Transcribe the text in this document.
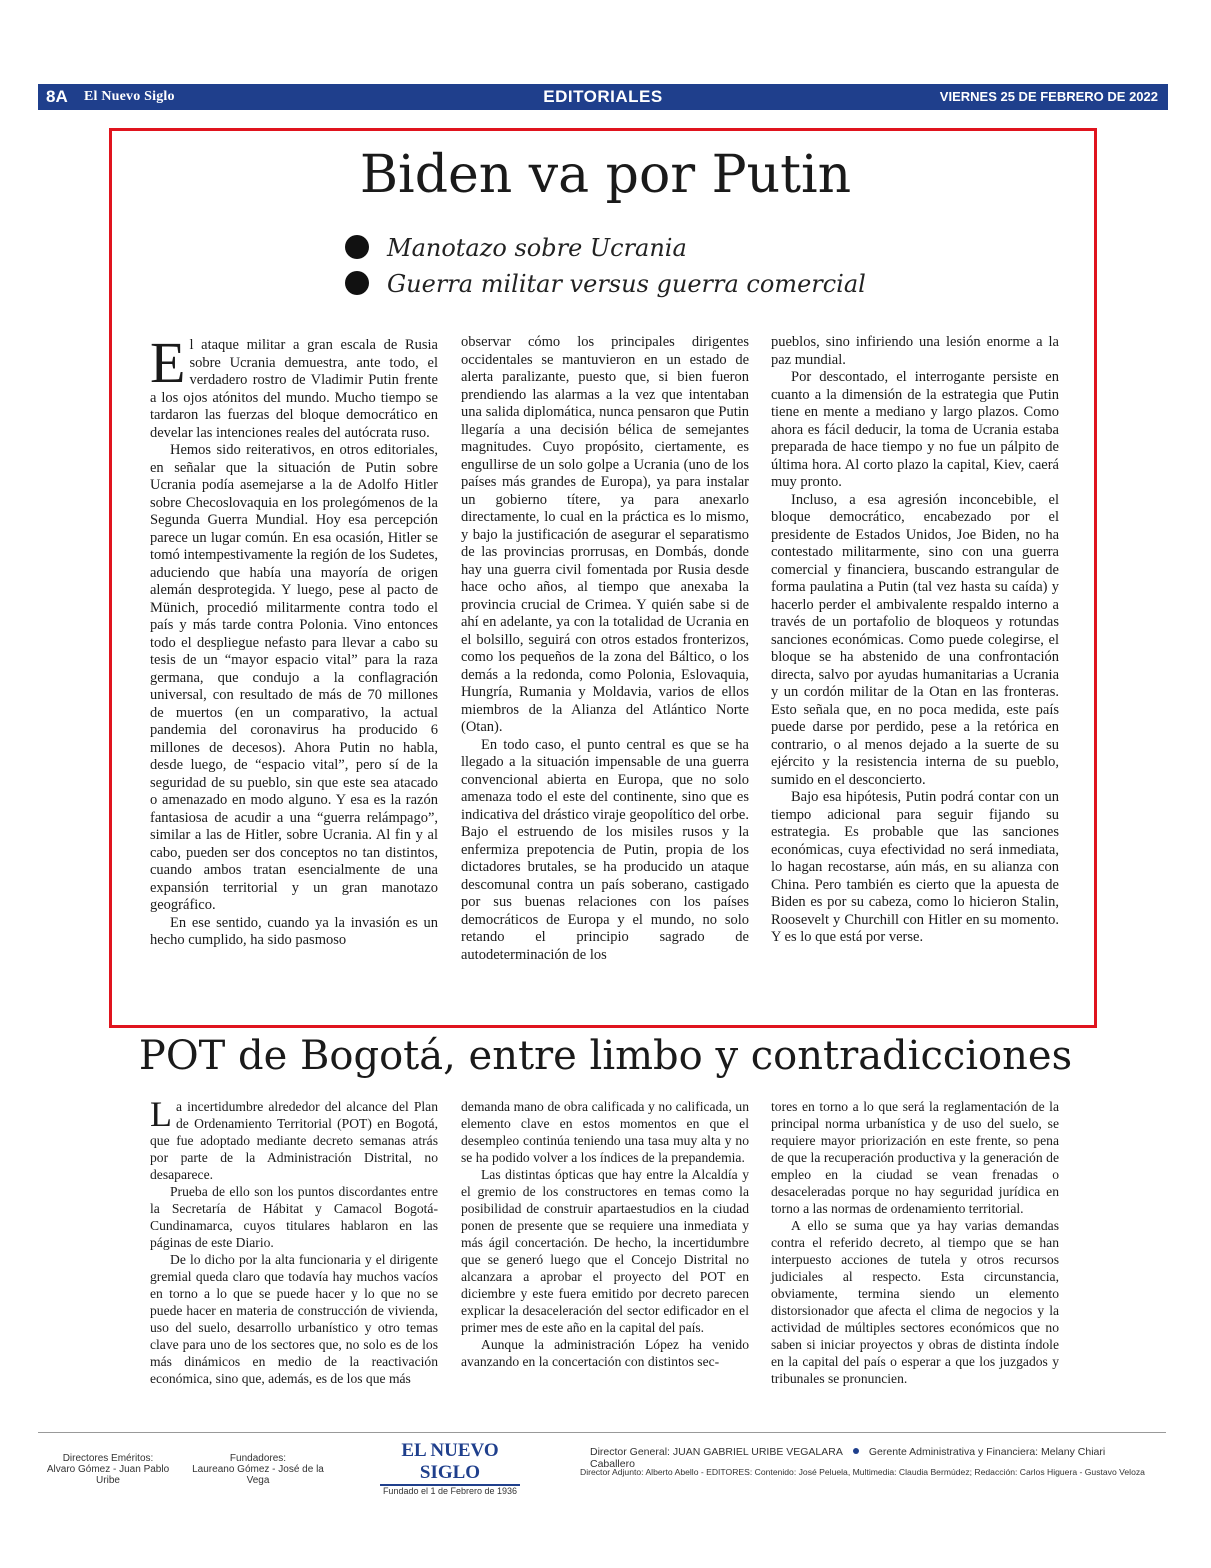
8A El Nuevo Siglo	EDITORIALES	VIERNES 25 DE FEBRERO DE 2022
Biden va por Putin
Manotazo sobre Ucrania
Guerra militar versus guerra comercial

El ataque militar a gran escala de Rusia sobre Ucrania demuestra, ante todo, el verdadero rostro de Vladimir Putin frente a los ojos atónitos del mundo. Mucho tiempo se tardaron las fuerzas del bloque democrático en develar las intenciones reales del autócrata ruso.

Hemos sido reiterativos, en otros editoriales, en señalar que la situación de Putin sobre Ucrania podía asemejarse a la de Adolfo Hitler sobre Checoslovaquia en los prolegómenos de la Segunda Guerra Mundial. Hoy esa percepción parece un lugar común. En esa ocasión, Hitler se tomó intempestivamente la región de los Sudetes, aduciendo que había una mayoría de origen alemán desprotegida. Y luego, pese al pacto de Münich, procedió militarmente contra todo el país y más tarde contra Polonia. Vino entonces todo el despliegue nefasto para llevar a cabo su tesis de un “mayor espacio vital” para la raza germana, que condujo a la conflagración universal, con resultado de más de 70 millones de muertos (en un comparativo, la actual pandemia del coronavirus ha producido 6 millones de decesos). Ahora Putin no habla, desde luego, de “espacio vital”, pero sí de la seguridad de su pueblo, sin que este sea atacado o amenazado en modo alguno. Y esa es la razón fantasiosa de acudir a una “guerra relámpago”, similar a las de Hitler, sobre Ucrania. Al fin y al cabo, pueden ser dos conceptos no tan distintos, cuando ambos tratan esencialmente de una expansión territorial y un gran manotazo geográfico.

En ese sentido, cuando ya la invasión es un hecho cumplido, ha sido pasmoso

observar cómo los principales dirigentes occidentales se mantuvieron en un estado de alerta paralizante, puesto que, si bien fueron prendiendo las alarmas a la vez que intentaban una salida diplomática, nunca pensaron que Putin llegaría a una decisión bélica de semejantes magnitudes. Cuyo propósito, ciertamente, es engullirse de un solo golpe a Ucrania (uno de los países más grandes de Europa), ya para instalar un gobierno títere, ya para anexarlo directamente, lo cual en la práctica es lo mismo, y bajo la justificación de asegurar el separatismo de las provincias prorrusas, en Dombás, donde hay una guerra civil fomentada por Rusia desde hace ocho años, al tiempo que anexaba la provincia crucial de Crimea. Y quién sabe si de ahí en adelante, ya con la totalidad de Ucrania en el bolsillo, seguirá con otros estados fronterizos, como los pequeños de la zona del Báltico, o los demás a la redonda, como Polonia, Eslovaquia, Hungría, Rumania y Moldavia, varios de ellos miembros de la Alianza del Atlántico Norte (Otan).

En todo caso, el punto central es que se ha llegado a la situación impensable de una guerra convencional abierta en Europa, que no solo amenaza todo el este del continente, sino que es indicativa del drástico viraje geopolítico del orbe. Bajo el estruendo de los misiles rusos y la enfermiza prepotencia de Putin, propia de los dictadores brutales, se ha producido un ataque descomunal contra un país soberano, castigado por sus buenas relaciones con los países democráticos de Europa y el mundo, no solo retando el principio sagrado de autodeterminación de los

pueblos, sino infiriendo una lesión enorme a la paz mundial.

Por descontado, el interrogante persiste en cuanto a la dimensión de la estrategia que Putin tiene en mente a mediano y largo plazos. Como ahora es fácil deducir, la toma de Ucrania estaba preparada de hace tiempo y no fue un pálpito de última hora. Al corto plazo la capital, Kiev, caerá muy pronto.

Incluso, a esa agresión inconcebible, el bloque democrático, encabezado por el presidente de Estados Unidos, Joe Biden, no ha contestado militarmente, sino con una guerra comercial y financiera, buscando estrangular de forma paulatina a Putin (tal vez hasta su caída) y hacerlo perder el ambivalente respaldo interno a través de un portafolio de bloqueos y rotundas sanciones económicas. Como puede colegirse, el bloque se ha abstenido de una confrontación directa, salvo por ayudas humanitarias a Ucrania y un cordón militar de la Otan en las fronteras. Esto señala que, en no poca medida, este país puede darse por perdido, pese a la retórica en contrario, o al menos dejado a la suerte de su ejército y la resistencia interna de su pueblo, sumido en el desconcierto.

Bajo esa hipótesis, Putin podrá contar con un tiempo adicional para seguir fijando su estrategia. Es probable que las sanciones económicas, cuya efectividad no será inmediata, lo hagan recostarse, aún más, en su alianza con China. Pero también es cierto que la apuesta de Biden es por su cabeza, como lo hicieron Stalin, Roosevelt y Churchill con Hitler en su momento. Y es lo que está por verse.

POT de Bogotá, entre limbo y contradicciones

La incertidumbre alrededor del alcance del Plan de Ordenamiento Territorial (POT) en Bogotá, que fue adoptado mediante decreto semanas atrás por parte de la Administración Distrital, no desaparece.

Prueba de ello son los puntos discordantes entre la Secretaría de Hábitat y Camacol Bogotá-Cundinamarca, cuyos titulares hablaron en las páginas de este Diario.

De lo dicho por la alta funcionaria y el dirigente gremial queda claro que todavía hay muchos vacíos en torno a lo que se puede hacer y lo que no se puede hacer en materia de construcción de vivienda, uso del suelo, desarrollo urbanístico y otro temas clave para uno de los sectores que, no solo es de los más dinámicos en medio de la reactivación económica, sino que, además, es de los que más

demanda mano de obra calificada y no calificada, un elemento clave en estos momentos en que el desempleo continúa teniendo una tasa muy alta y no se ha podido volver a los índices de la prepandemia.

Las distintas ópticas que hay entre la Alcaldía y el gremio de los constructores en temas como la posibilidad de construir apartaestudios en la ciudad ponen de presente que se requiere una inmediata y más ágil concertación. De hecho, la incertidumbre que se generó luego que el Concejo Distrital no alcanzara a aprobar el proyecto del POT en diciembre y este fuera emitido por decreto parecen explicar la desaceleración del sector edificador en el primer mes de este año en la capital del país.

Aunque la administración López ha venido avanzando en la concertación con distintos sec-

tores en torno a lo que será la reglamentación de la principal norma urbanística y de uso del suelo, se requiere mayor priorización en este frente, so pena de que la recuperación productiva y la generación de empleo en la ciudad se vean frenadas o desaceleradas porque no hay seguridad jurídica en torno a las normas de ordenamiento territorial.

A ello se suma que ya hay varias demandas contra el referido decreto, al tiempo que se han interpuesto acciones de tutela y otros recursos judiciales al respecto. Esta circunstancia, obviamente, termina siendo un elemento distorsionador que afecta el clima de negocios y la actividad de múltiples sectores económicos que no saben si iniciar proyectos y obras de distinta índole en la capital del país o esperar a que los juzgados y tribunales se pronuncien.

Directores Eméritos:
Alvaro Gómez - Juan Pablo Uribe
Fundadores:
Laureano Gómez - José de la Vega
EL NUEVO SIGLO
Fundado el 1 de Febrero de 1936
Director General: JUAN GABRIEL URIBE VEGALARA Gerente Administrativa y Financiera: Melany Chiari Caballero
Director Adjunto: Alberto Abello - EDITORES: Contenido: José Peluela, Multimedia: Claudia Bermúdez; Redacción: Carlos Higuera - Gustavo Veloza
